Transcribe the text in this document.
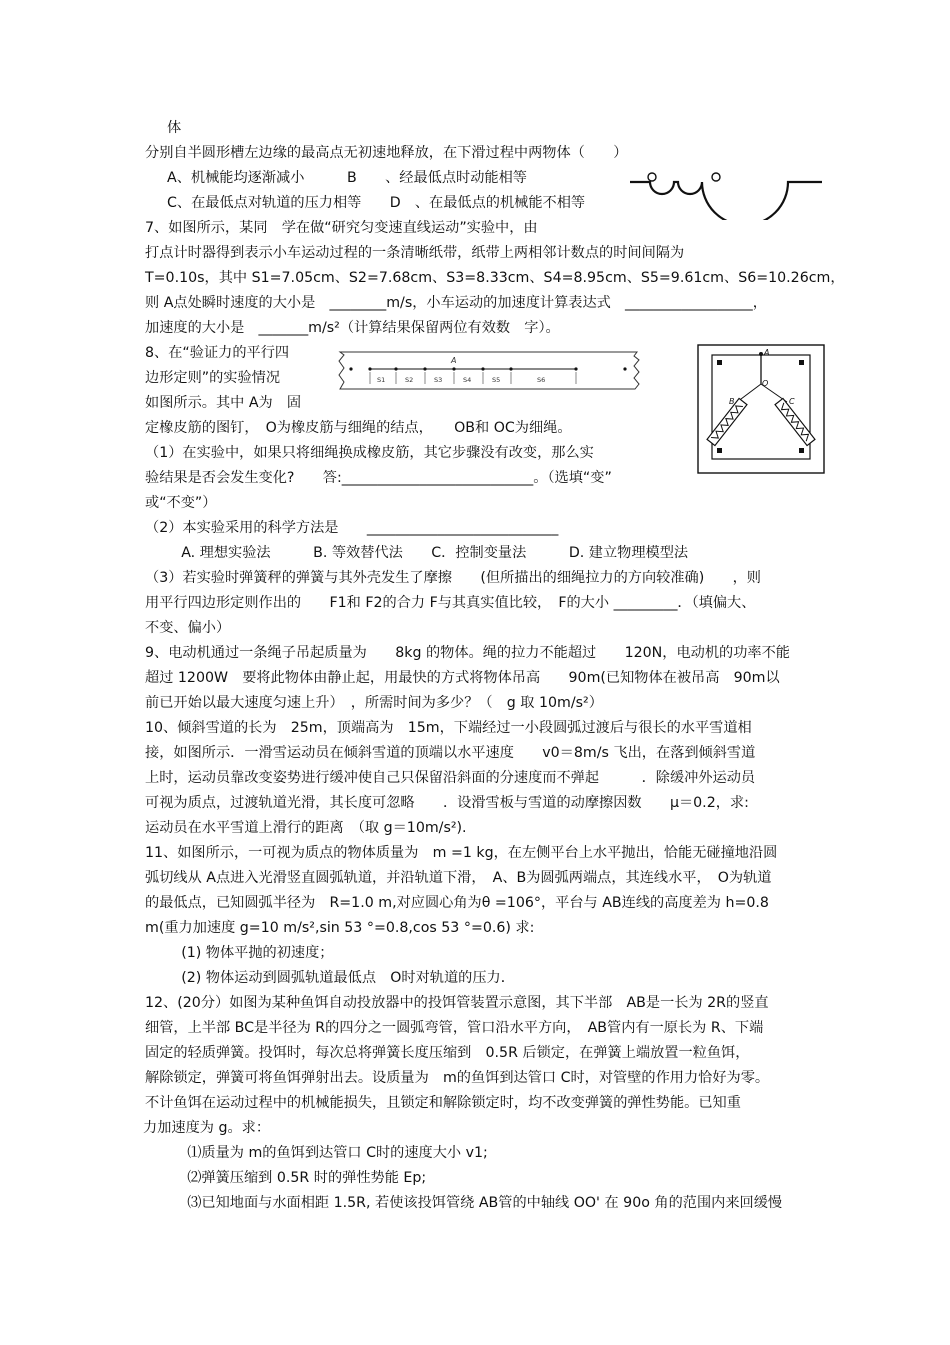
体
分别自半圆形槽左边缘的最高点无初速地释放，在下滑过程中两物体（　　）
A、机械能均逐渐减小　　　B　　、经最低点时动能相等
C、在最低点对轨道的压力相等　　D　、在最低点的机械能不相等
7、如图所示，某同　学在做“研究匀变速直线运动”实验中，由
打点计时器得到表示小车运动过程的一条清晰纸带，纸带上两相邻计数点的时间间隔为
T=0.10s，其中 S1=7.05cm、S2=7.68cm、S3=8.33cm、S4=8.95cm、S5=9.61cm、S6=10.26cm，
则 A点处瞬时速度的大小是　________m/s，小车运动的加速度计算表达式　__________________，
加速度的大小是　_______m/s²（计算结果保留两位有效数　字）。
8、在“验证力的平行四
边形定则”的实验情况
如图所示。其中 A为　固
定橡皮筋的图钉，　O为橡皮筋与细绳的结点，　　OB和 OC为细绳。
（1）在实验中，如果只将细绳换成橡皮筋，其它步骤没有改变，那么实
验结果是否会发生变化?　　答:___________________________。（选填“变”
或“不变”）
（2）本实验采用的科学方法是　　___________________________
　A. 理想实验法　　　B. 等效替代法　　C．控制变量法　　　D. 建立物理模型法
（3）若实验时弹簧秤的弹簧与其外壳发生了摩擦　　(但所描出的细绳拉力的方向较准确)　　，则
用平行四边形定则作出的　　F1和 F2的合力 F与其真实值比较，　F的大小 _________．（填偏大、
不变、偏小）
9、电动机通过一条绳子吊起质量为　　8kg 的物体。绳的拉力不能超过　　120N，电动机的功率不能
超过 1200W　要将此物体由静止起，用最快的方式将物体吊高　　90m(已知物体在被吊高　90m以
前已开始以最大速度匀速上升）　，所需时间为多少？（　g 取 10m/s²）
10、倾斜雪道的长为　25m，顶端高为　15m，下端经过一小段圆弧过渡后与很长的水平雪道相
接，如图所示．一滑雪运动员在倾斜雪道的顶端以水平速度　　v0＝8m/s 飞出，在落到倾斜雪道
上时，运动员靠改变姿势进行缓冲使自己只保留沿斜面的分速度而不弹起　　　．除缓冲外运动员
可视为质点，过渡轨道光滑，其长度可忽略　　．设滑雪板与雪道的动摩擦因数　　μ＝0.2，求:
运动员在水平雪道上滑行的距离　（取 g＝10m/s²).
11、如图所示，一可视为质点的物体质量为　m =1 kg，在左侧平台上水平抛出，恰能无碰撞地沿圆
弧切线从 A点进入光滑竖直圆弧轨道，并沿轨道下滑，　A、B为圆弧两端点，其连线水平，　O为轨道
的最低点，已知圆弧半径为　R=1.0 m,对应圆心角为θ =106°，平台与 AB连线的高度差为 h=0.8
m(重力加速度 g=10 m/s²,sin 53 °=0.8,cos 53 °=0.6) 求:
　(1) 物体平抛的初速度；
　(2) 物体运动到圆弧轨道最低点　O时对轨道的压力．
12、(20分）如图为某种鱼饵自动投放器中的投饵管装置示意图，其下半部　AB是一长为 2R的竖直
细管，上半部 BC是半径为 R的四分之一圆弧弯管，管口沿水平方向，　AB管内有一原长为 R、下端
固定的轻质弹簧。投饵时，每次总将弹簧长度压缩到　0.5R 后锁定，在弹簧上端放置一粒鱼饵，
解除锁定，弹簧可将鱼饵弹射出去。设质量为　m的鱼饵到达管口 C时，对管壁的作用力恰好为零。
不计鱼饵在运动过程中的机械能损失，且锁定和解除锁定时，均不改变弹簧的弹性势能。已知重
力加速度为 g。求：
　⑴质量为 m的鱼饵到达管口 C时的速度大小 v1;
　⑵弹簧压缩到 0.5R 时的弹性势能 Ep;
　⑶已知地面与水面相距 1.5R, 若使该投饵管绕 AB管的中轴线 OO' 在 90o 角的范围内来回缓慢
A
S1	S2	S3	S4	S5	S6
A
O
B	C
